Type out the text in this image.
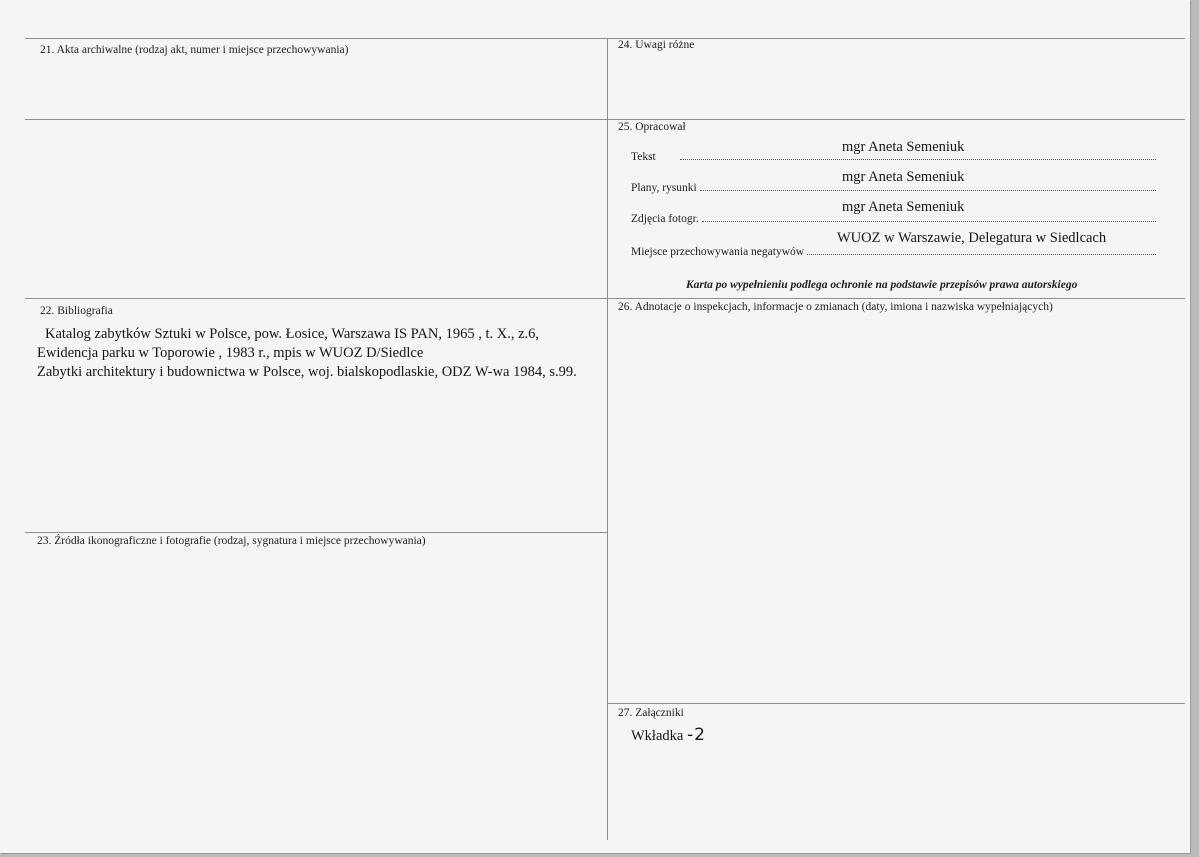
21. Akta archiwalne (rodzaj akt, numer i miejsce przechowywania)	24. Uwagi różne
25. Opracował
Tekst
mgr Aneta Semeniuk
Plany, rysunki
mgr Aneta Semeniuk
Zdjęcia fotogr.
mgr Aneta Semeniuk
Miejsce przechowywania negatywów
WUOZ w Warszawie, Delegatura w Siedlcach
Karta po wypełnieniu podlega ochronie na podstawie przepisów prawa autorskiego
22. Bibliografia
Katalog zabytków Sztuki w Polsce, pow. Łosice, Warszawa IS PAN, 1965 , t. X., z.6,
Ewidencja parku w Toporowie , 1983 r., mpis w WUOZ D/Siedlce
Zabytki architektury i budownictwa w Polsce, woj. bialskopodlaskie, ODZ W-wa 1984, s.99.
26. Adnotacje o inspekcjach, informacje o zmianach (daty, imiona i nazwiska wypełniających)
23. Źródła ikonograficzne i fotografie (rodzaj, sygnatura i miejsce przechowywania)
27. Załączniki
Wkładka -2
